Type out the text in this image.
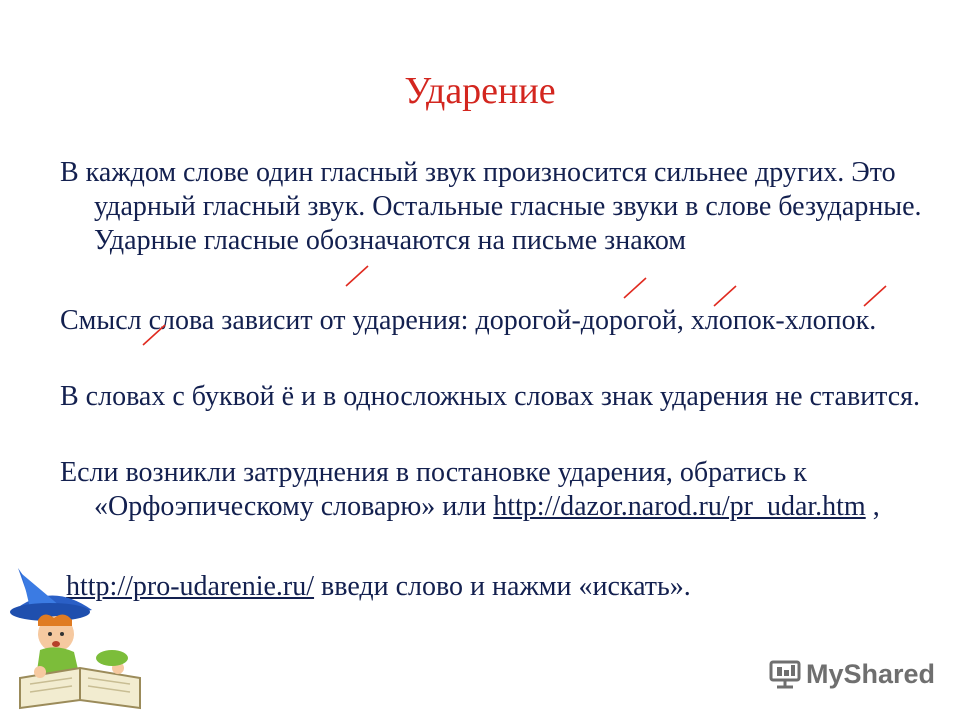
Ударение
В каждом слове один гласный звук произносится сильнее других. Это ударный гласный звук. Остальные гласные звуки в слове безударные. Ударные гласные обозначаются на письме знаком
Смысл слова зависит от ударения: дорогой-дорогой, хлопок-хлопок.
В словах с буквой ё и в односложных словах знак ударения не ставится.
Если возникли затруднения в постановке ударения, обратись к «Орфоэпическому словарю» или http://dazor.narod.ru/pr_udar.htm ,
http://pro-udarenie.ru/ введи слово и нажми «искать».
MyShared
